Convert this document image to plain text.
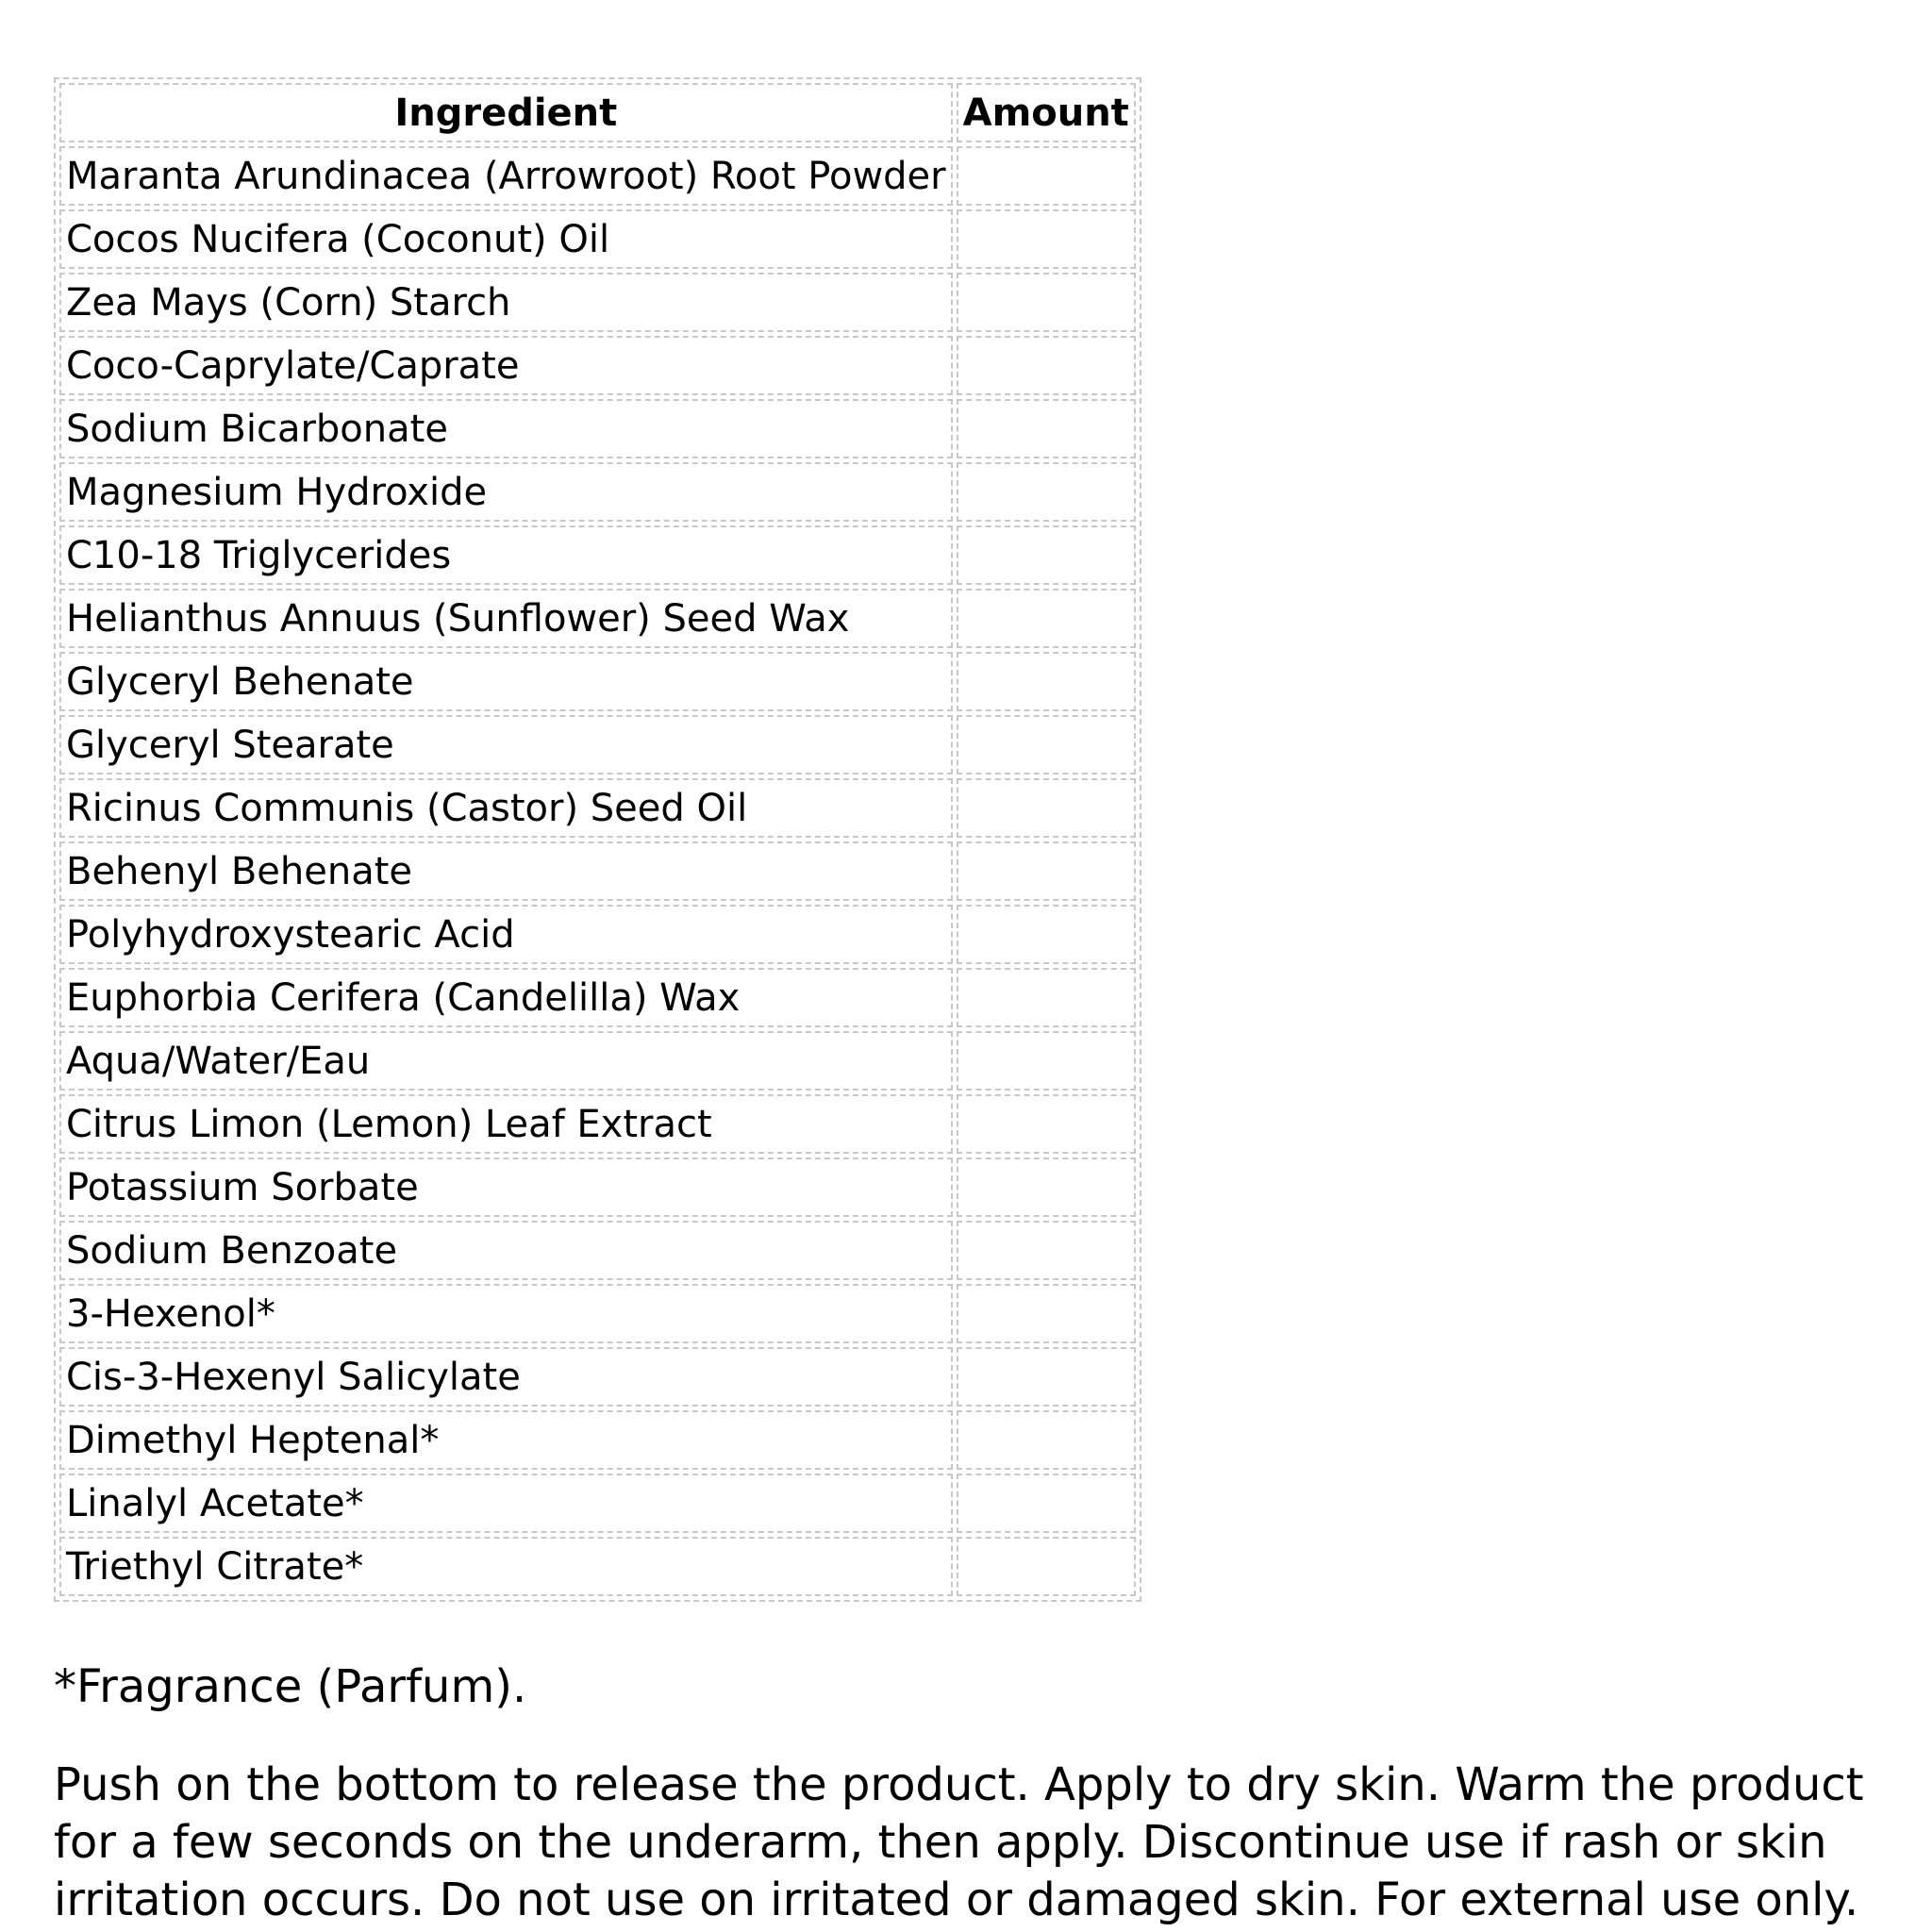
Ingredient	Amount
Maranta Arundinacea (Arrowroot) Root Powder	
Cocos Nucifera (Coconut) Oil	
Zea Mays (Corn) Starch	
Coco-Caprylate/Caprate	
Sodium Bicarbonate	
Magnesium Hydroxide	
C10-18 Triglycerides	
Helianthus Annuus (Sunflower) Seed Wax	
Glyceryl Behenate	
Glyceryl Stearate	
Ricinus Communis (Castor) Seed Oil	
Behenyl Behenate	
Polyhydroxystearic Acid	
Euphorbia Cerifera (Candelilla) Wax	
Aqua/Water/Eau	
Citrus Limon (Lemon) Leaf Extract	
Potassium Sorbate	
Sodium Benzoate	
3-Hexenol*	
Cis-3-Hexenyl Salicylate	
Dimethyl Heptenal*	
Linalyl Acetate*	
Triethyl Citrate*	

*Fragrance (Parfum).

Push on the bottom to release the product. Apply to dry skin. Warm the product for a few seconds on the underarm, then apply. Discontinue use if rash or skin irritation occurs. Do not use on irritated or damaged skin. For external use only.
